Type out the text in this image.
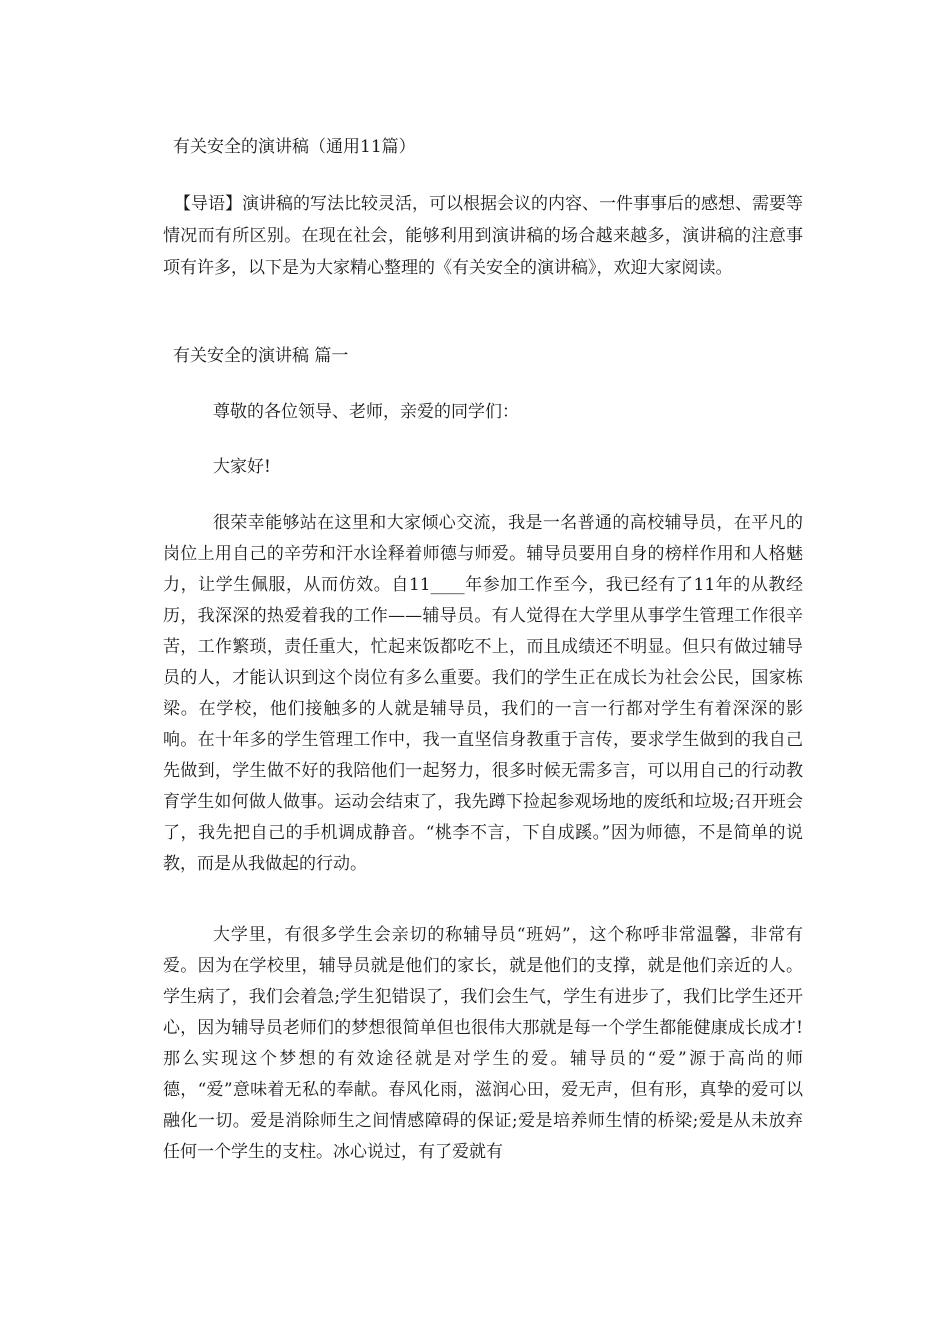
有关安全的演讲稿（通用11篇）
【导语】演讲稿的写法比较灵活，可以根据会议的内容、一件事事后的感想、需要等情况而有所区别。在现在社会，能够利用到演讲稿的场合越来越多，演讲稿的注意事项有许多，以下是为大家精心整理的《有关安全的演讲稿》，欢迎大家阅读。
有关安全的演讲稿 篇一
尊敬的各位领导、老师，亲爱的同学们：
大家好!
很荣幸能够站在这里和大家倾心交流，我是一名普通的高校辅导员，在平凡的岗位上用自己的辛劳和汗水诠释着师德与师爱。辅导员要用自身的榜样作用和人格魅力，让学生佩服，从而仿效。自11____年参加工作至今，我已经有了11年的从教经历，我深深的热爱着我的工作——辅导员。有人觉得在大学里从事学生管理工作很辛苦，工作繁琐，责任重大，忙起来饭都吃不上，而且成绩还不明显。但只有做过辅导员的人，才能认识到这个岗位有多么重要。我们的学生正在成长为社会公民，国家栋梁。在学校，他们接触多的人就是辅导员，我们的一言一行都对学生有着深深的影响。在十年多的学生管理工作中，我一直坚信身教重于言传，要求学生做到的我自己先做到，学生做不好的我陪他们一起努力，很多时候无需多言，可以用自己的行动教育学生如何做人做事。运动会结束了，我先蹲下捡起参观场地的废纸和垃圾;召开班会了，我先把自己的手机调成静音。“桃李不言，下自成蹊。”因为师德，不是简单的说教，而是从我做起的行动。
大学里，有很多学生会亲切的称辅导员“班妈”，这个称呼非常温馨，非常有爱。因为在学校里，辅导员就是他们的家长，就是他们的支撑，就是他们亲近的人。学生病了，我们会着急;学生犯错误了，我们会生气，学生有进步了，我们比学生还开心，因为辅导员老师们的梦想很简单但也很伟大那就是每一个学生都能健康成长成才!那么实现这个梦想的有效途径就是对学生的爱。辅导员的“爱”源于高尚的师德，“爱”意味着无私的奉献。春风化雨，滋润心田，爱无声，但有形，真挚的爱可以融化一切。爱是消除师生之间情感障碍的保证;爱是培养师生情的桥梁;爱是从未放弃任何一个学生的支柱。冰心说过，有了爱就有
